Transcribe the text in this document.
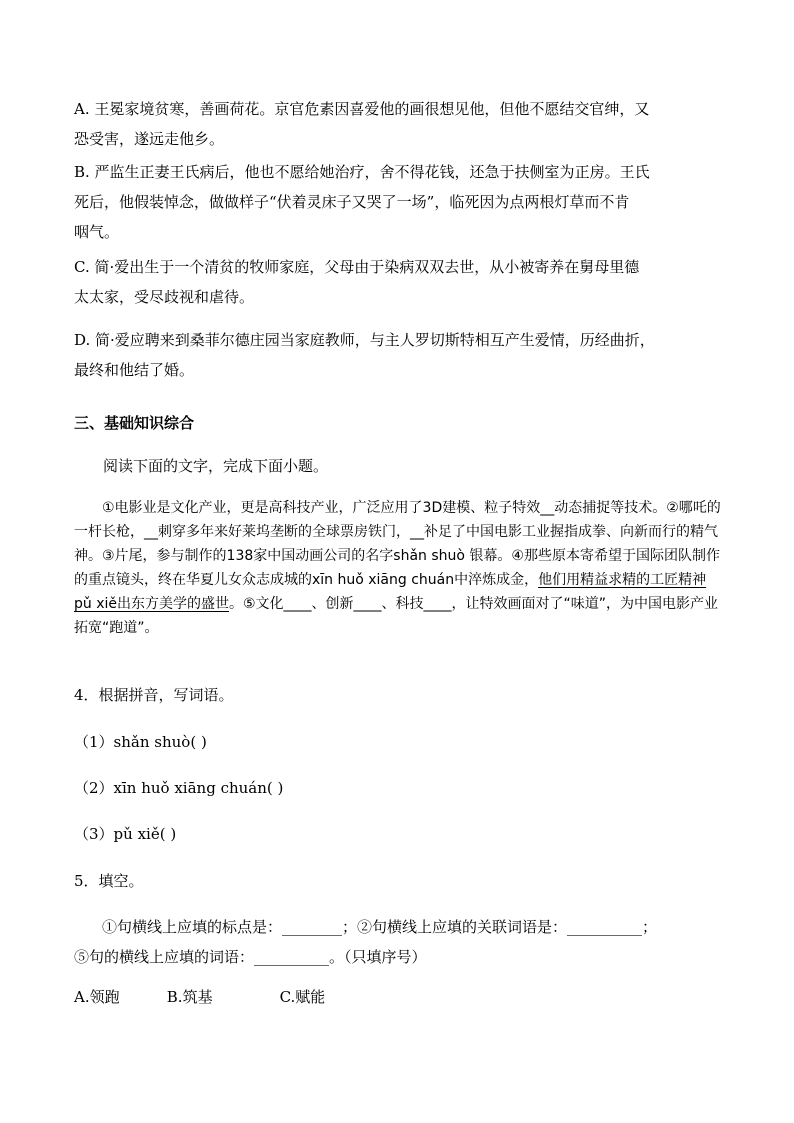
A. 王冕家境贫寒，善画荷花。京官危素因喜爱他的画很想见他，但他不愿结交官绅，又
恐受害，遂远走他乡。
B. 严监生正妻王氏病后，他也不愿给她治疗，舍不得花钱，还急于扶侧室为正房。王氏
死后，他假装悼念，做做样子“伏着灵床子又哭了一场”，临死因为点两根灯草而不肯
咽气。
C. 简·爱出生于一个清贫的牧师家庭，父母由于染病双双去世，从小被寄养在舅母里德
太太家，受尽歧视和虐待。
D. 简·爱应聘来到桑菲尔德庄园当家庭教师，与主人罗切斯特相互产生爱情，历经曲折，
最终和他结了婚。
三、基础知识综合
阅读下面的文字，完成下面小题。
①电影业是文化产业，更是高科技产业，广泛应用了3D建模、粒子特效__动态捕捉等技术。②哪吒的一杆长枪，__刺穿多年来好莱坞垄断的全球票房铁门，__补足了中国电影工业握指成拳、向新而行的精气神。③片尾，参与制作的138家中国动画公司的名字shǎn shuò 银幕。④那些原本寄希望于国际团队制作的重点镜头，终在华夏儿女众志成城的xīn huǒ xiāng chuán中淬炼成金，他们用精益求精的工匠精神pǔ xiě出东方美学的盛世。⑤文化____、创新____、科技____，让特效画面对了“味道”，为中国电影产业拓宽“跑道”。
4．根据拼音，写词语。
（1）shǎn shuò( )
（2）xīn huǒ xiāng chuán( )
（3）pǔ xiě( )
5．填空。
①句横线上应填的标点是：________；②句横线上应填的关联词语是：__________；
⑤句的横线上应填的词语：__________。（只填序号）
A.领跑	B.筑基	C.赋能
